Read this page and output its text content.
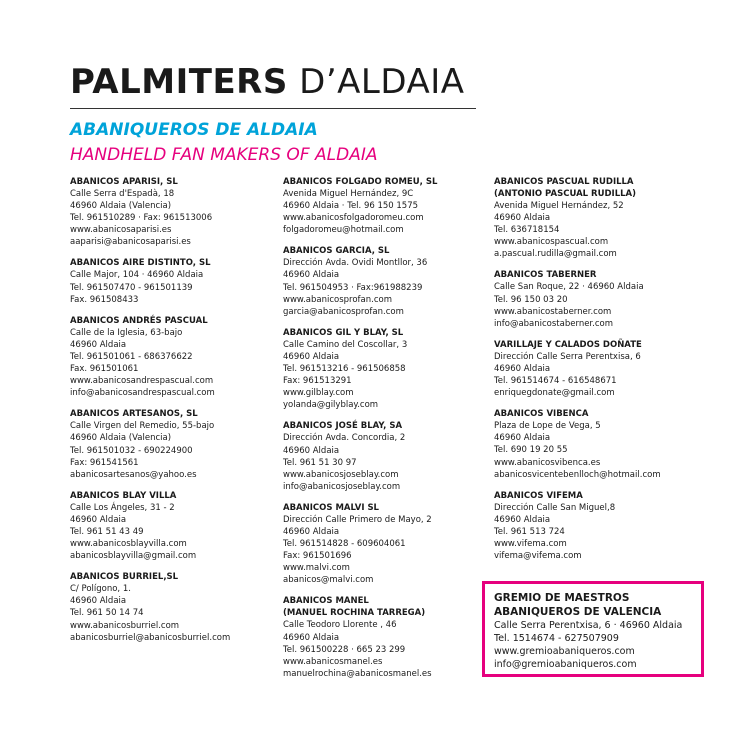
PALMITERS D’ALDAIA
ABANIQUEROS DE ALDAIA
HANDHELD FAN MAKERS OF ALDAIA
ABANICOS APARISI, SL
Calle Serra d'Espadà, 18
46960 Aldaia (Valencia)
Tel. 961510289 · Fax: 961513006
www.abanicosaparisi.es
aaparisi@abanicosaparisi.es
ABANICOS AIRE DISTINTO, SL
Calle Major, 104 · 46960 Aldaia
Tel. 961507470 - 961501139
Fax. 961508433
ABANICOS ANDRÉS PASCUAL
Calle de la Iglesia, 63-bajo
46960 Aldaia
Tel. 961501061 - 686376622
Fax. 961501061
www.abanicosandrespascual.com
info@abanicosandrespascual.com
ABANICOS ARTESANOS, SL
Calle Virgen del Remedio, 55-bajo
46960 Aldaia (Valencia)
Tel. 961501032 - 690224900
Fax: 961541561
abanicosartesanos@yahoo.es
ABANICOS BLAY VILLA
Calle Los Ángeles, 31 - 2
46960 Aldaia
Tel. 961 51 43 49
www.abanicosblayvilla.com
abanicosblayvilla@gmail.com
ABANICOS BURRIEL,SL
C/ Polígono, 1.
46960 Aldaia
Tel. 961 50 14 74
www.abanicosburriel.com
abanicosburriel@abanicosburriel.com
ABANICOS FOLGADO ROMEU, SL
Avenida Miguel Hernández, 9C
46960 Aldaia · Tel. 96 150 1575
www.abanicosfolgadoromeu.com
folgadoromeu@hotmail.com
ABANICOS GARCIA, SL
Dirección Avda. Ovidi Montllor, 36
46960 Aldaia
Tel. 961504953 · Fax:961988239
www.abanicosprofan.com
garcia@abanicosprofan.com
ABANICOS GIL Y BLAY, SL
Calle Camino del Coscollar, 3
46960 Aldaia
Tel. 961513216 - 961506858
Fax: 961513291
www.gilblay.com
yolanda@gilyblay.com
ABANICOS JOSÉ BLAY, SA
Dirección Avda. Concordia, 2
46960 Aldaia
Tel. 961 51 30 97
www.abanicosjoseblay.com
info@abanicosjoseblay.com
ABANICOS MALVI SL
Dirección Calle Primero de Mayo, 2
46960 Aldaia
Tel. 961514828 - 609604061
Fax: 961501696
www.malvi.com
abanicos@malvi.com
ABANICOS MANEL
(MANUEL ROCHINA TARREGA)
Calle Teodoro Llorente , 46
46960 Aldaia
Tel. 961500228 · 665 23 299
www.abanicosmanel.es
manuelrochina@abanicosmanel.es
ABANICOS PASCUAL RUDILLA
(ANTONIO PASCUAL RUDILLA)
Avenida Miguel Hernández, 52
46960 Aldaia
Tel. 636718154
www.abanicospascual.com
a.pascual.rudilla@gmail.com
ABANICOS TABERNER
Calle San Roque, 22 · 46960 Aldaia
Tel. 96 150 03 20
www.abanicostaberner.com
info@abanicostaberner.com
VARILLAJE Y CALADOS DOÑATE
Dirección Calle Serra Perentxisa, 6
46960 Aldaia
Tel. 961514674 - 616548671
enriquegdonate@gmail.com
ABANICOS VIBENCA
Plaza de Lope de Vega, 5
46960 Aldaia
Tel. 690 19 20 55
www.abanicosvibenca.es
abanicosvicentebenlloch@hotmail.com
ABANICOS VIFEMA
Dirección Calle San Miguel,8
46960 Aldaia
Tel. 961 513 724
www.vifema.com
vifema@vifema.com
GREMIO DE MAESTROS
ABANIQUEROS DE VALENCIA
Calle Serra Perentxisa, 6 · 46960 Aldaia
Tel. 1514674 - 627507909
www.gremioabaniqueros.com
info@gremioabaniqueros.com
